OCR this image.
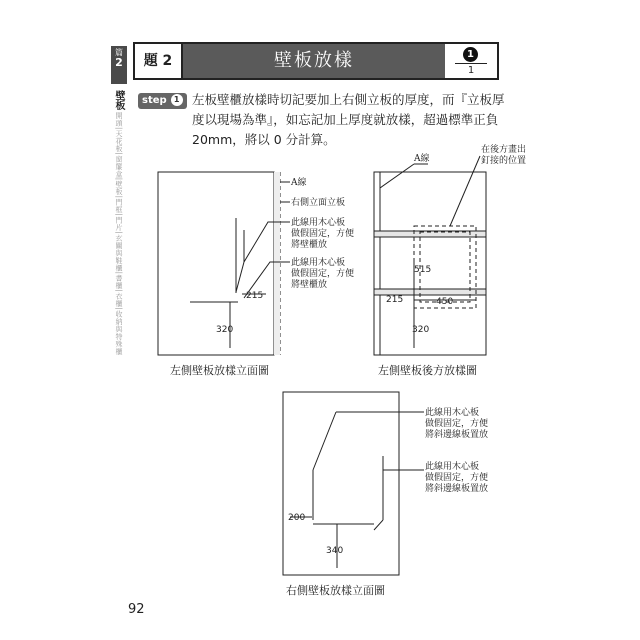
篇
2
壁板
開頭|天花板|窗簾盒|壁板|門框|門片|玄關與鞋櫃|書櫃|衣櫃|收納與特殊櫃
題 2	壁板放樣	1
1
step 1	左板壁櫃放樣時切記要加上右側立板的厚度，而『立板厚度以現場為準』，如忘記加上厚度就放樣，超過標準正負20mm，將以 0 分計算。
A線
右側立面立板
此線用木心板
做假固定，方便
將壁櫃放
此線用木心板
做假固定，方便
將壁櫃放
215
320
A線
在後方畫出
釘接的位置
515
215	450
320
此線用木心板
做假固定，方便
將斜邊線板置放
此線用木心板
做假固定，方便
將斜邊線板置放
200
340
左側壁板放樣立面圖	左側壁板後方放樣圖
右側壁板放樣立面圖
92
